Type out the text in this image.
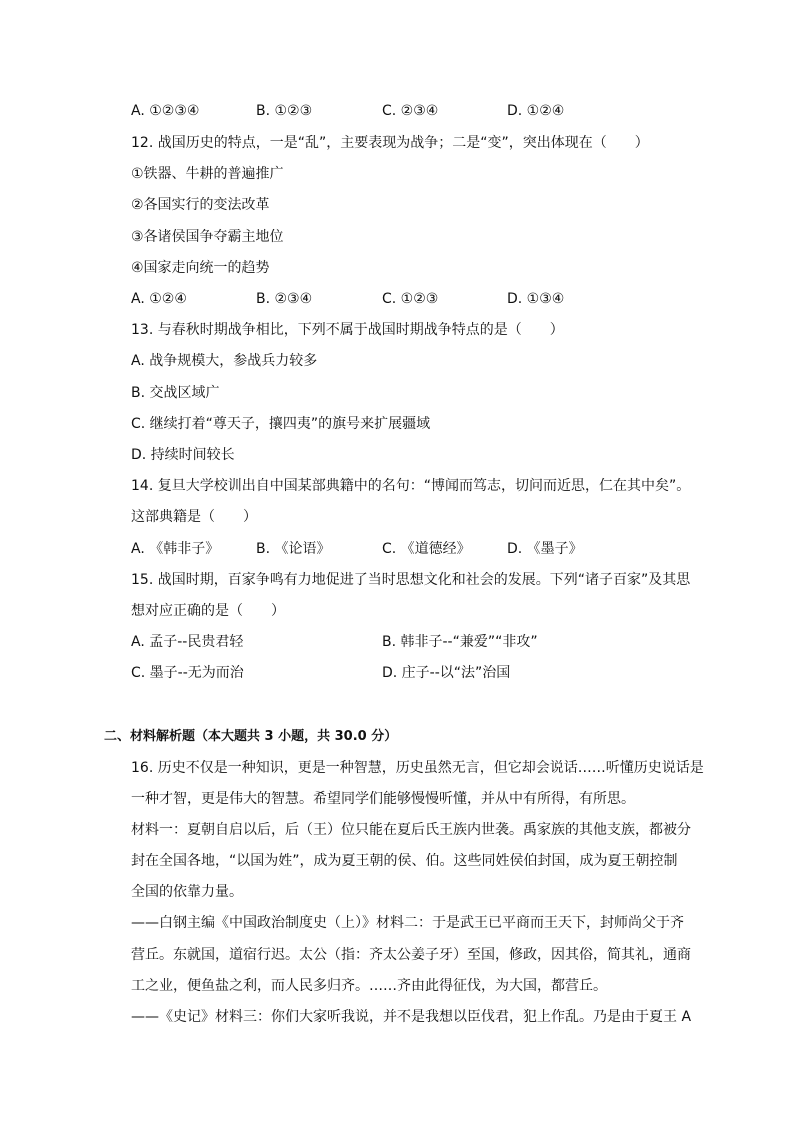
A. ①②③④	B. ①②③	C. ②③④	D. ①②④
12. 战国历史的特点，一是“乱”，主要表现为战争；二是“变”，突出体现在（　　）
①铁器、牛耕的普遍推广
②各国实行的变法改革
③各诸侯国争夺霸主地位
④国家走向统一的趋势
A. ①②④	B. ②③④	C. ①②③	D. ①③④
13. 与春秋时期战争相比，下列不属于战国时期战争特点的是（　　）
A. 战争规模大，参战兵力较多
B. 交战区域广
C. 继续打着“尊天子，攘四夷”的旗号来扩展疆域
D. 持续时间较长
14. 复旦大学校训出自中国某部典籍中的名句：“博闻而笃志，切问而近思，仁在其中矣”。
这部典籍是（　　）
A. 《韩非子》	B. 《论语》	C. 《道德经》	D. 《墨子》
15. 战国时期，百家争鸣有力地促进了当时思想文化和社会的发展。下列“诸子百家”及其思
想对应正确的是（　　）
A. 孟子--民贵君轻	B. 韩非子--“兼爱”“非攻”
C. 墨子--无为而治	D. 庄子--以“法”治国
二、材料解析题（本大题共 3 小题，共 30.0 分）
16. 历史不仅是一种知识，更是一种智慧，历史虽然无言，但它却会说话……听懂历史说话是
一种才智，更是伟大的智慧。希望同学们能够慢慢听懂，并从中有所得，有所思。
材料一：夏朝自启以后，后（王）位只能在夏后氏王族内世袭。禹家族的其他支族，都被分
封在全国各地，“以国为姓”，成为夏王朝的侯、伯。这些同姓侯伯封国，成为夏王朝控制
全国的依靠力量。
——白钢主编《中国政治制度史（上）》材料二：于是武王已平商而王天下，封师尚父于齐
营丘。东就国，道宿行迟。太公（指：齐太公姜子牙）至国，修政，因其俗，简其礼，通商
工之业，便鱼盐之利，而人民多归齐。……齐由此得征伐，为大国，都营丘。
——《史记》材料三：你们大家听我说，并不是我想以臣伐君，犯上作乱。乃是由于夏王 A
